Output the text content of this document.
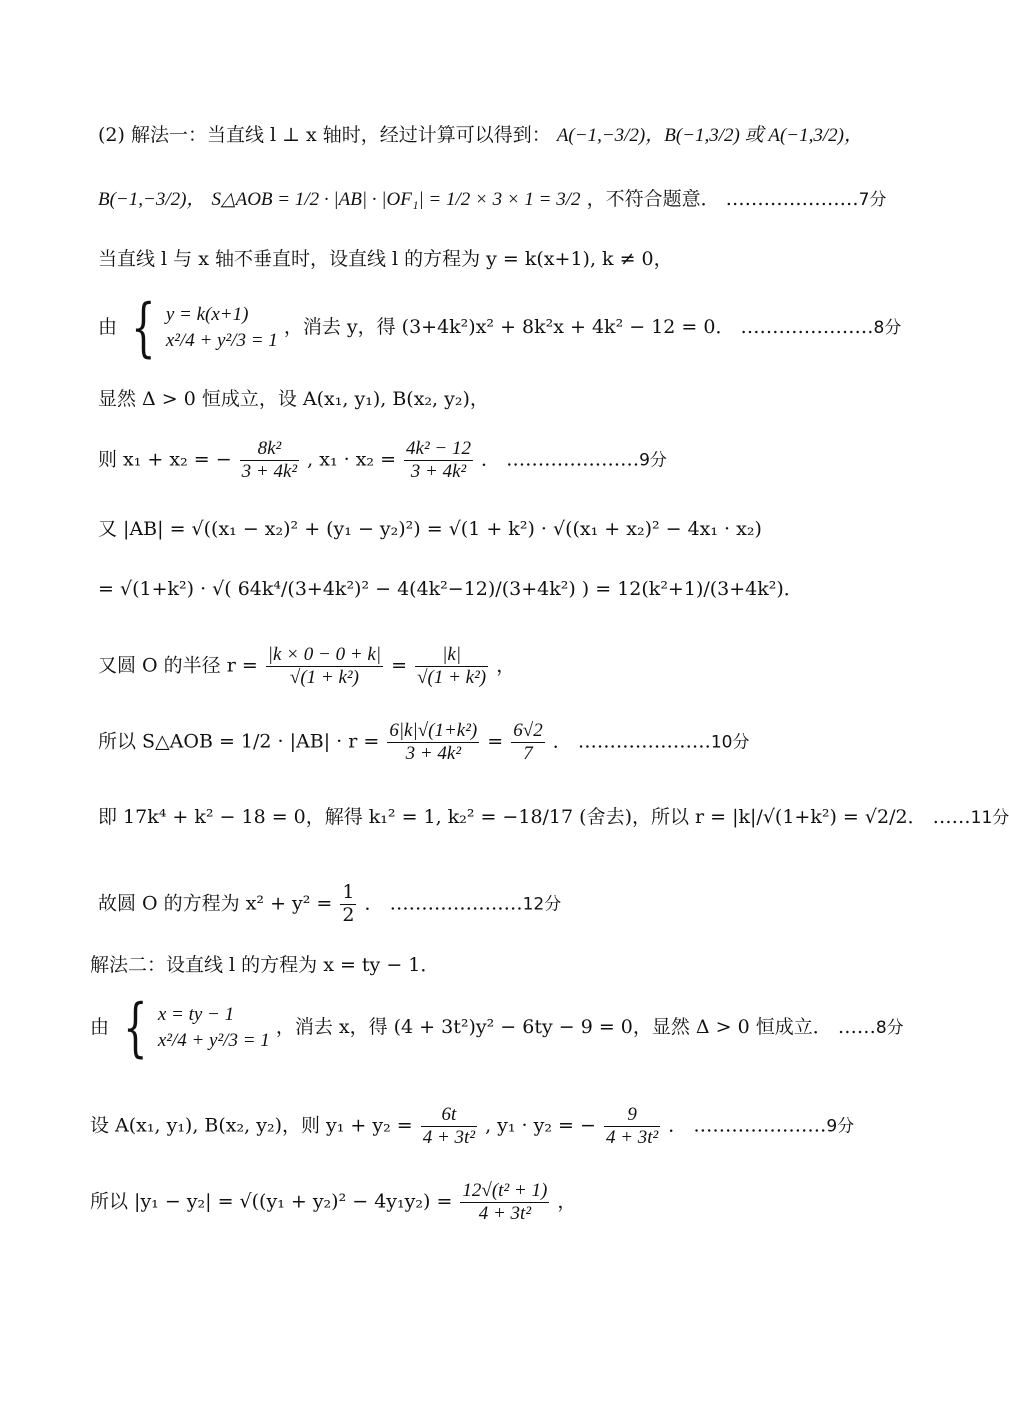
(2) 解法一：当直线 l ⊥ x 轴时，经过计算可以得到： A(−1,−3/2)，B(−1,3/2) 或 A(−1,3/2)，
B(−1,−3/2)， S△AOB = 1/2 · |AB| · |OF₁| = 1/2 × 3 × 1 = 3/2 ，不符合题意． …………………7分
当直线 l 与 x 轴不垂直时，设直线 l 的方程为 y = k(x+1), k ≠ 0，
由 { y = k(x+1)
x²/4 + y²/3 = 1
，消去 y，得 (3+4k²)x² + 8k²x + 4k² − 12 = 0． …………………8分
显然 Δ > 0 恒成立，设 A(x₁, y₁), B(x₂, y₂)，
则 x₁ + x₂ = − $\frac{\text{8k²}}{\text{3 + 4k²}}$ , $x_1 \cdot x_2 = \frac{\text{4k² − 12}}{\text{3 + 4k²}}$ ． …………………9分
又 |AB| = √((x₁ − x₂)² + (y₁ − y₂)²) = √(1 + k²) · √((x₁ + x₂)² − 4x₁ · x₂)
= √(1+k²) · √( 64k⁴/(3+4k²)² − 4(4k²−12)/(3+4k²) ) = 12(k²+1)/(3+4k²)．
又圆 O 的半径 $r = \frac{|k \times 0 - 0 + k|}{\text{√(1 + k²)}} = \frac{|k|}{\text{√(1 + k²)}}$ ，
所以 S△AOB = $1/2 \cdot |AB| \cdot r = \frac{\text{6|k|√(1+k²)}}{\text{3 + 4k²}} = \frac{6√2}{7}$ ． …………………10分
即 17k⁴ + k² − 18 = 0，解得 k₁² = 1, k₂² = −18/17 (舍去)，所以 r = |k|/√(1+k²) = √2/2． ……11分
故圆 O 的方程为 $x^2 + y^2 = \frac{1}{2}$ ． …………………12分
解法二：设直线 l 的方程为 x = ty − 1．
由 { x = ty − 1
x²/4 + y²/3 = 1
，消去 x，得 (4 + 3t²)y² − 6ty − 9 = 0，显然 Δ > 0 恒成立． ……8分
设 A(x₁, y₁), B(x₂, y₂)，则 $y_1 + y_2 = \frac{6t}{\text{4 + 3t²}}$ , y₁ · y₂ = − $\frac{9}{\text{4 + 3t²}}$ ． …………………9分
所以 $|y_1 - y_2| = √((y_1 + y_2)^2 - 4y_1y_2) = \frac{\text{12√(t² + 1)}}{\text{4 + 3t²}}$ ，
